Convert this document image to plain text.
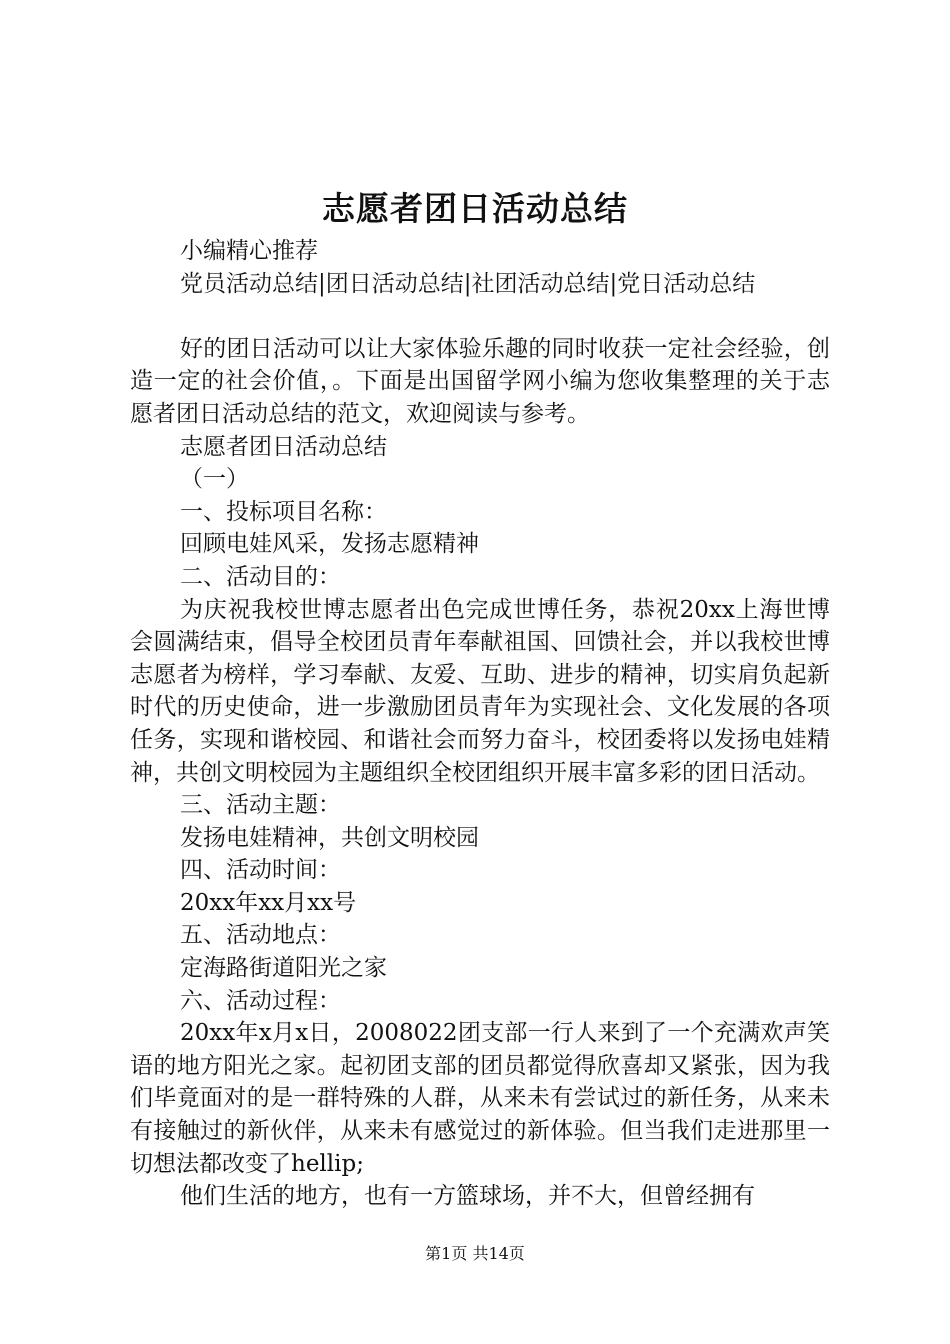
志愿者团日活动总结

小编精心推荐

党员活动总结|团日活动总结|社团活动总结|党日活动总结

好的团日活动可以让大家体验乐趣的同时收获一定社会经验，创造一定的社会价值，。下面是出国留学网小编为您收集整理的关于志愿者团日活动总结的范文，欢迎阅读与参考。

志愿者团日活动总结

（一）

一、投标项目名称：

回顾电娃风采，发扬志愿精神

二、活动目的：

为庆祝我校世博志愿者出色完成世博任务，恭祝20xx上海世博会圆满结束，倡导全校团员青年奉献祖国、回馈社会，并以我校世博志愿者为榜样，学习奉献、友爱、互助、进步的精神，切实肩负起新时代的历史使命，进一步激励团员青年为实现社会、文化发展的各项任务，实现和谐校园、和谐社会而努力奋斗，校团委将以发扬电娃精神，共创文明校园为主题组织全校团组织开展丰富多彩的团日活动。

三、活动主题：

发扬电娃精神，共创文明校园

四、活动时间：

20xx年xx月xx号

五、活动地点：

定海路街道阳光之家

六、活动过程：

20xx年x月x日，2008022团支部一行人来到了一个充满欢声笑语的地方阳光之家。起初团支部的团员都觉得欣喜却又紧张，因为我们毕竟面对的是一群特殊的人群，从来未有尝试过的新任务，从来未有接触过的新伙伴，从来未有感觉过的新体验。但当我们走进那里一切想法都改变了hellip;

他们生活的地方，也有一方篮球场，并不大，但曾经拥有

第1页 共14页
